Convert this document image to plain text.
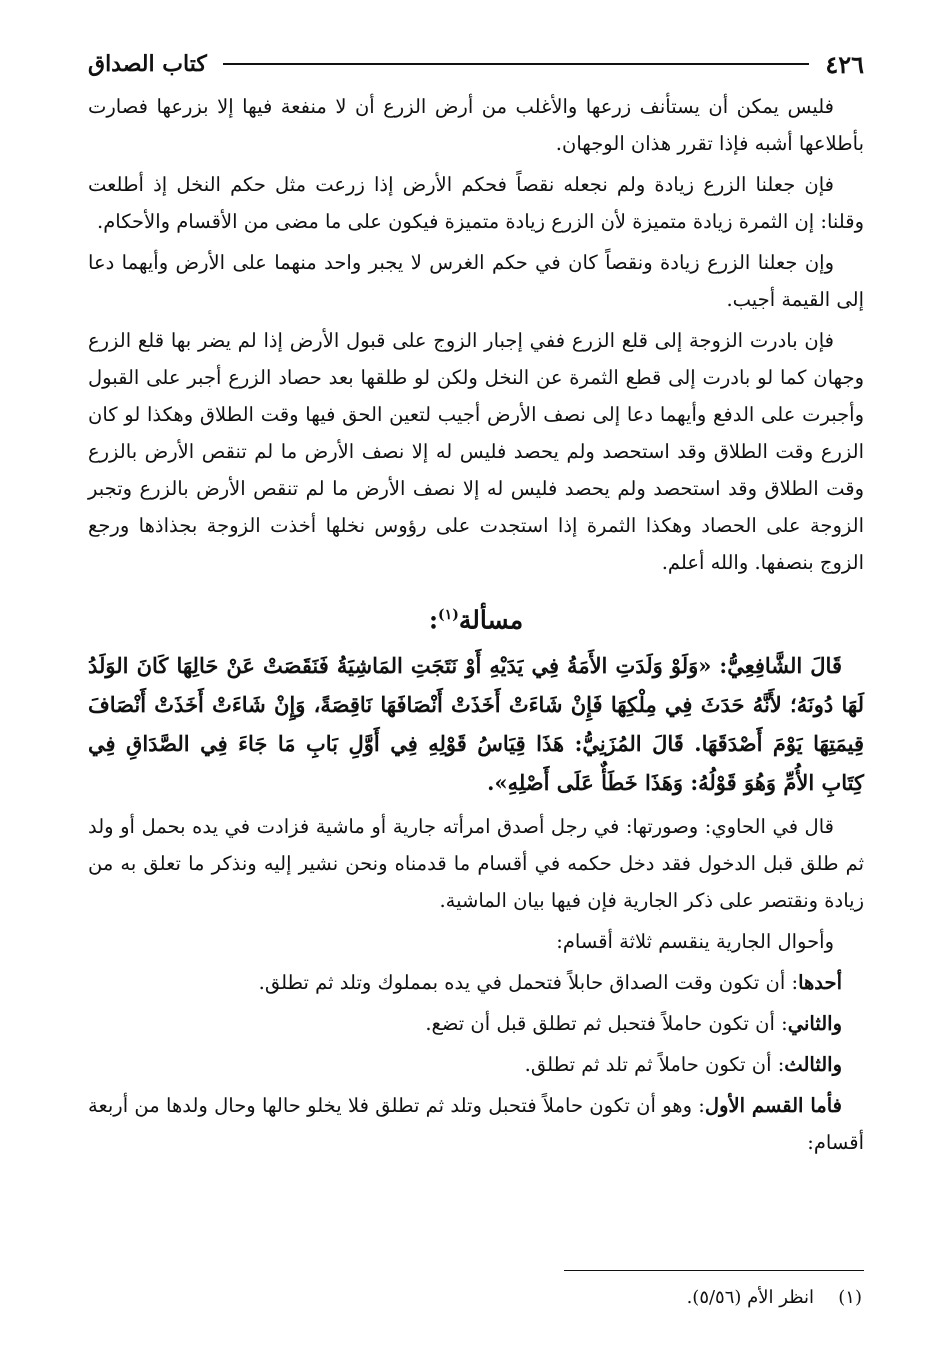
٤٢٦
كتاب الصداق

فليس يمكن أن يستأنف زرعها والأغلب من أرض الزرع أن لا منفعة فيها إلا بزرعها فصارت بأطلاعها أشبه فإذا تقرر هذان الوجهان.

فإن جعلنا الزرع زيادة ولم نجعله نقصاً فحكم الأرض إذا زرعت مثل حكم النخل إذ أطلعت وقلنا: إن الثمرة زيادة متميزة لأن الزرع زيادة متميزة فيكون على ما مضى من الأقسام والأحكام.

وإن جعلنا الزرع زيادة ونقصاً كان في حكم الغرس لا يجبر واحد منهما على الأرض وأيهما دعا إلى القيمة أجيب.

فإن بادرت الزوجة إلى قلع الزرع ففي إجبار الزوج على قبول الأرض إذا لم يضر بها قلع الزرع وجهان كما لو بادرت إلى قطع الثمرة عن النخل ولكن لو طلقها بعد حصاد الزرع أجبر على القبول وأجبرت على الدفع وأيهما دعا إلى نصف الأرض أجيب لتعين الحق فيها وقت الطلاق وهكذا لو كان الزرع وقت الطلاق وقد استحصد ولم يحصد فليس له إلا نصف الأرض ما لم تنقص الأرض بالزرع وقت الطلاق وقد استحصد ولم يحصد فليس له إلا نصف الأرض ما لم تنقص الأرض بالزرع وتجبر الزوجة على الحصاد وهكذا الثمرة إذا استجدت على رؤوس نخلها أخذت الزوجة بجذاذها ورجع الزوج بنصفها. والله أعلم.

مسألة$^{(١)}$:

قَالَ الشَّافِعِيُّ: «وَلَوْ وَلَدَتِ الأَمَةُ فِي يَدَيْهِ أَوْ نَتَجَتِ المَاشِيَةُ فَنَقَصَتْ عَنْ حَالِهَا كَانَ الوَلَدُ لَهَا دُونَهُ؛ لأَنَّهُ حَدَثَ فِي مِلْكِهَا فَإِنْ شَاءَتْ أَخَذَتْ أَنْصَافَهَا نَاقِصَةً، وَإِنْ شَاءَتْ أَخَذَتْ أَنْصَافَ قِيمَتِهَا يَوْمَ أَصْدَقَهَا. قَالَ المُزَنِيُّ: هَذَا قِيَاسُ قَوْلِهِ فِي أَوَّلِ بَابِ مَا جَاءَ فِي الصَّدَاقِ فِي كِتَابِ الأُمِّ وَهُوَ قَوْلُهُ: وَهَذَا خَطَأٌ عَلَى أَصْلِهِ».

قال في الحاوي: وصورتها: في رجل أصدق امرأته جارية أو ماشية فزادت في يده بحمل أو ولد ثم طلق قبل الدخول فقد دخل حكمه في أقسام ما قدمناه ونحن نشير إليه ونذكر ما تعلق به من زيادة ونقتصر على ذكر الجارية فإن فيها بيان الماشية.

وأحوال الجارية ينقسم ثلاثة أقسام:

أحدها: أن تكون وقت الصداق حابلاً فتحمل في يده بمملوك وتلد ثم تطلق.

والثاني: أن تكون حاملاً فتحبل ثم تطلق قبل أن تضع.

والثالث: أن تكون حاملاً ثم تلد ثم تطلق.

فأما القسم الأول: وهو أن تكون حاملاً فتحبل وتلد ثم تطلق فلا يخلو حالها وحال ولدها من أربعة أقسام:

(١)انظر الأم (٥/٥٦).
